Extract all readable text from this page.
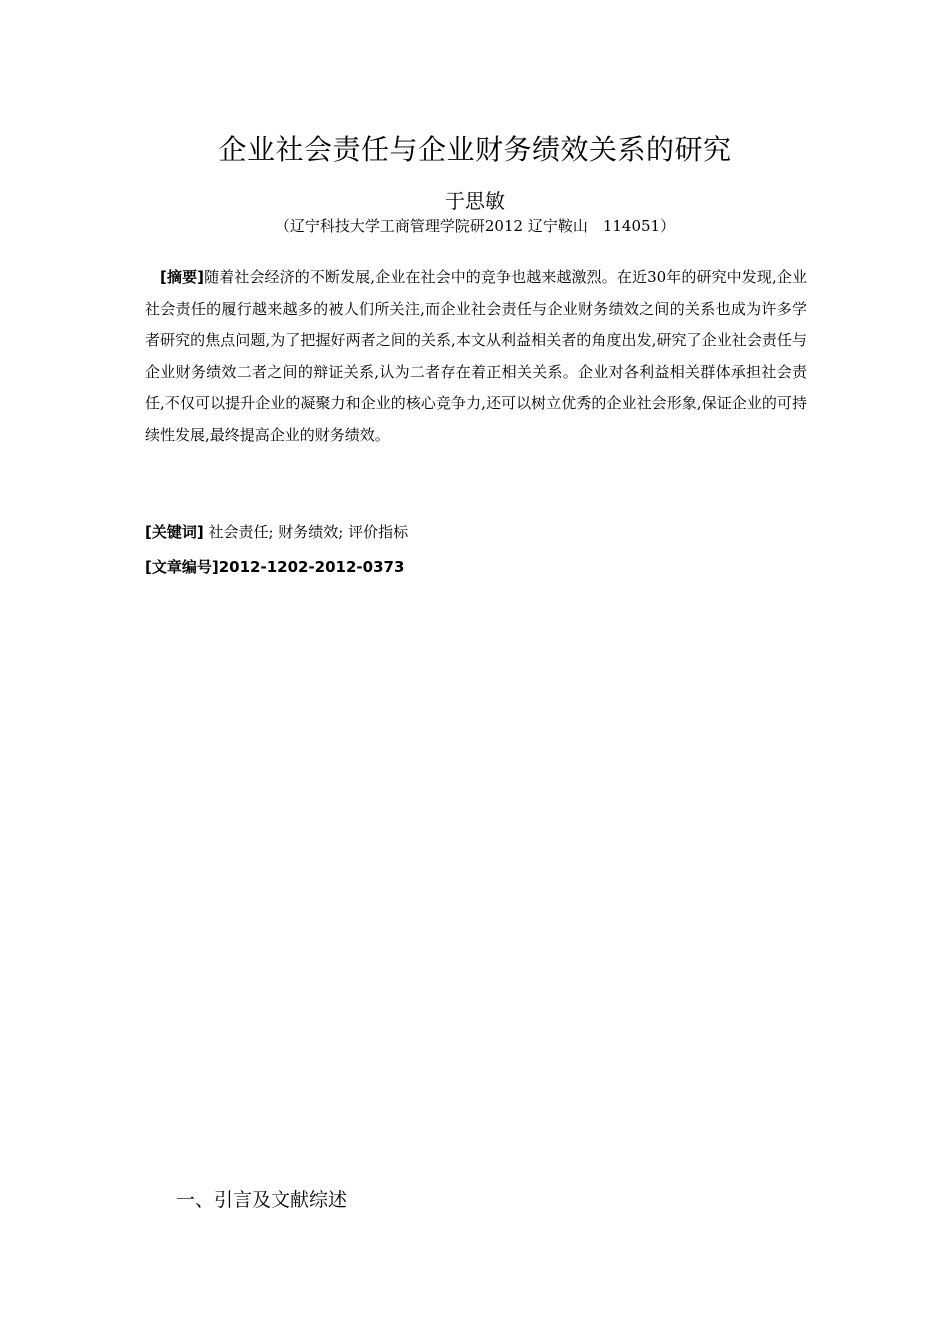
企业社会责任与企业财务绩效关系的研究
于思敏
（辽宁科技大学工商管理学院研2012 辽宁鞍山　114051）

[摘要]随着社会经济的不断发展,企业在社会中的竞争也越来越激烈。在近30年的研究中发现,企业社会责任的履行越来越多的被人们所关注,而企业社会责任与企业财务绩效之间的关系也成为许多学者研究的焦点问题,为了把握好两者之间的关系,本文从利益相关者的角度出发,研究了企业社会责任与企业财务绩效二者之间的辩证关系,认为二者存在着正相关关系。企业对各利益相关群体承担社会责任,不仅可以提升企业的凝聚力和企业的核心竞争力,还可以树立优秀的企业社会形象,保证企业的可持续性发展,最终提高企业的财务绩效。

[关键词] 社会责任; 财务绩效; 评价指标

[文章编号]2012-1202-2012-0373

一、引言及文献综述
